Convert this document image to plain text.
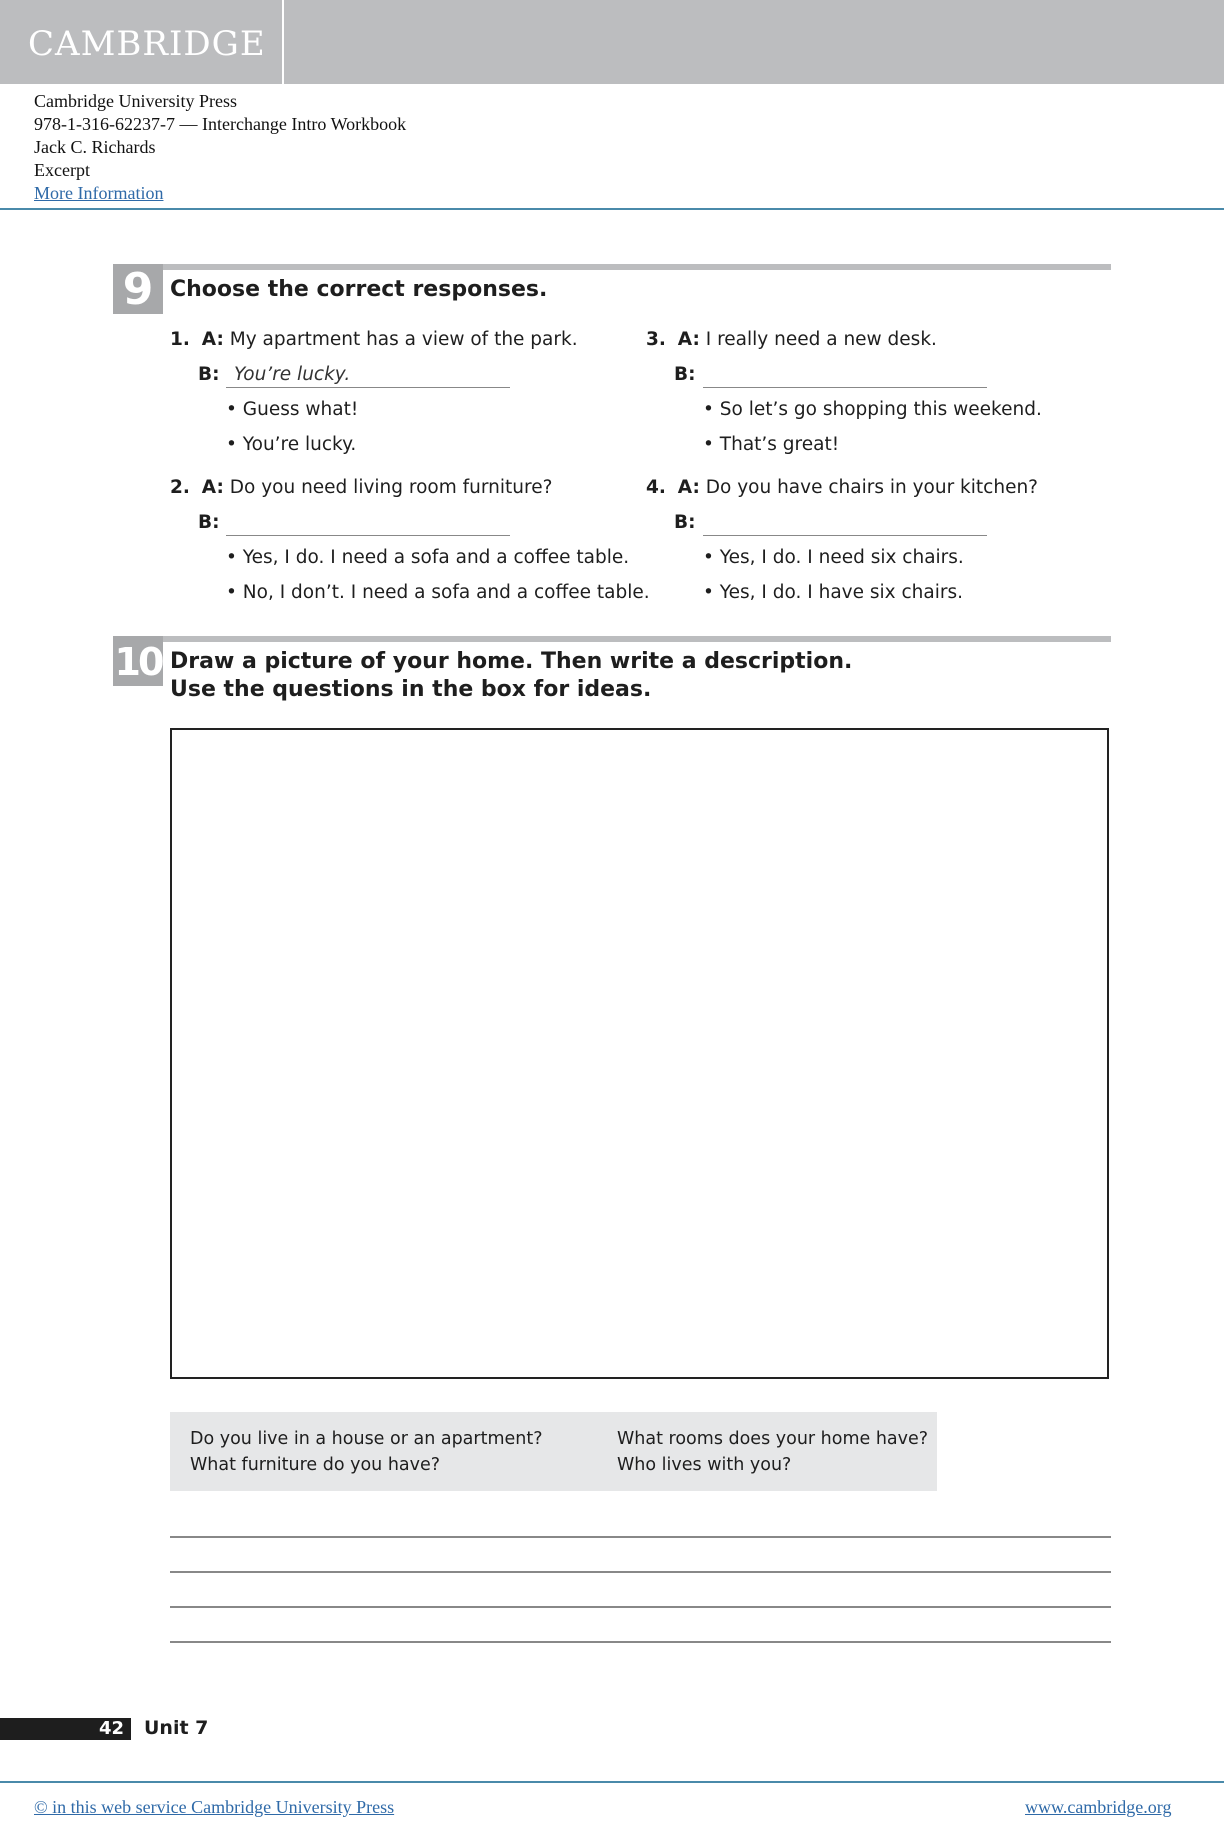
CAMBRIDGE
Cambridge University Press
978-1-316-62237-7 — Interchange Intro Workbook
Jack C. Richards
Excerpt
More Information
9 Choose the correct responses.
1. A: My apartment has a view of the park.
B: You’re lucky.
• Guess what!
• You’re lucky.
2. A: Do you need living room furniture?
B:
• Yes, I do. I need a sofa and a coffee table.
• No, I don’t. I need a sofa and a coffee table.
3. A: I really need a new desk.
B:
• So let’s go shopping this weekend.
• That’s great!
4. A: Do you have chairs in your kitchen?
B:
• Yes, I do. I need six chairs.
• Yes, I do. I have six chairs.
10 Draw a picture of your home. Then write a description.
Use the questions in the box for ideas.
Do you live in a house or an apartment?
What furniture do you have?
What rooms does your home have?
Who lives with you?
42 Unit 7
© in this web service Cambridge University Press	www.cambridge.org
